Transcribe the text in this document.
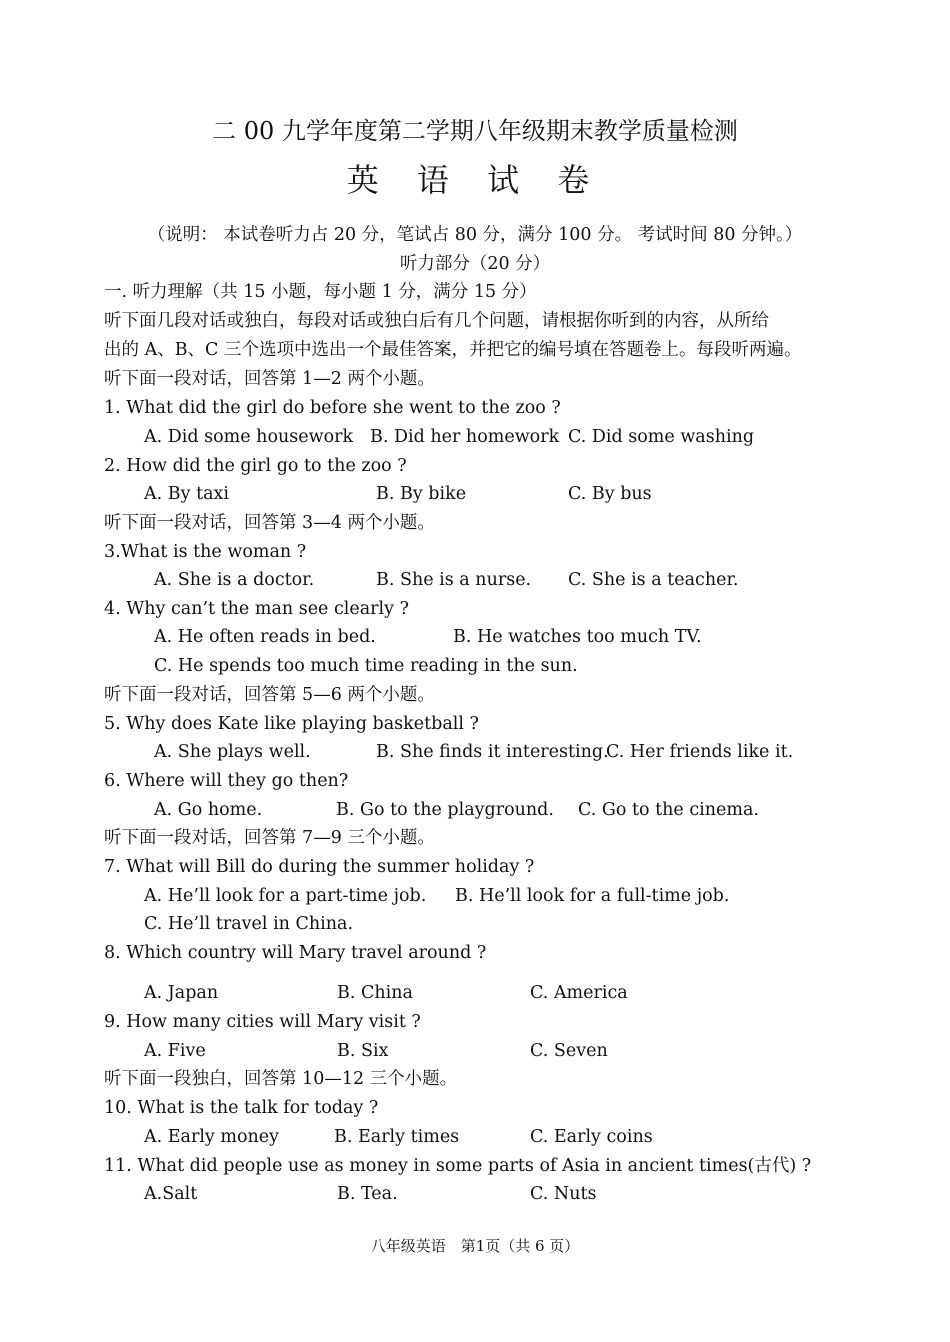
二 00 九学年度第二学期八年级期末教学质量检测
英 语 试 卷
（说明： 本试卷听力占 20 分，笔试占 80 分，满分 100 分。 考试时间 80 分钟。）
听力部分（20 分）
一. 听力理解（共 15 小题，每小题 1 分，满分 15 分）
听下面几段对话或独白，每段对话或独白后有几个问题，请根据你听到的内容，从所给
出的 A、B、C 三个选项中选出一个最佳答案，并把它的编号填在答题卷上。每段听两遍。
听下面一段对话，回答第 1—2 两个小题。
1. What did the girl do before she went to the zoo ?
A. Did some housework B. Did her homework C. Did some washing
2. How did the girl go to the zoo ?
A. By taxi	B. By bike	C. By bus
听下面一段对话，回答第 3—4 两个小题。
3.What is the woman ?
A. She is a doctor.	B. She is a nurse. C. She is a teacher.
4. Why can’t the man see clearly ?
A. He often reads in bed.	B. He watches too much TV.
C. He spends too much time reading in the sun.
听下面一段对话，回答第 5—6 两个小题。
5. Why does Kate like playing basketball ?
A. She plays well.	B. She finds it interesting.
C. Her friends like it.
6. Where will they go then?
A. Go home.	B. Go to the playground. C. Go to the cinema.
听下面一段对话，回答第 7—9 三个小题。
7. What will Bill do during the summer holiday ?
A. He’ll look for a part-time job. B. He’ll look for a full-time job.
C. He’ll travel in China.
8. Which country will Mary travel around ?
A. Japan	B. China	C. America
9. How many cities will Mary visit ?
A. Five	B. Six	C. Seven
听下面一段独白，回答第 10—12 三个小题。
10. What is the talk for today ?
A. Early money	B. Early times	C. Early coins
11. What did people use as money in some parts of Asia in ancient times(古代) ?
A.Salt	B. Tea.	C. Nuts
八年级英语　第1页（共 6 页）
